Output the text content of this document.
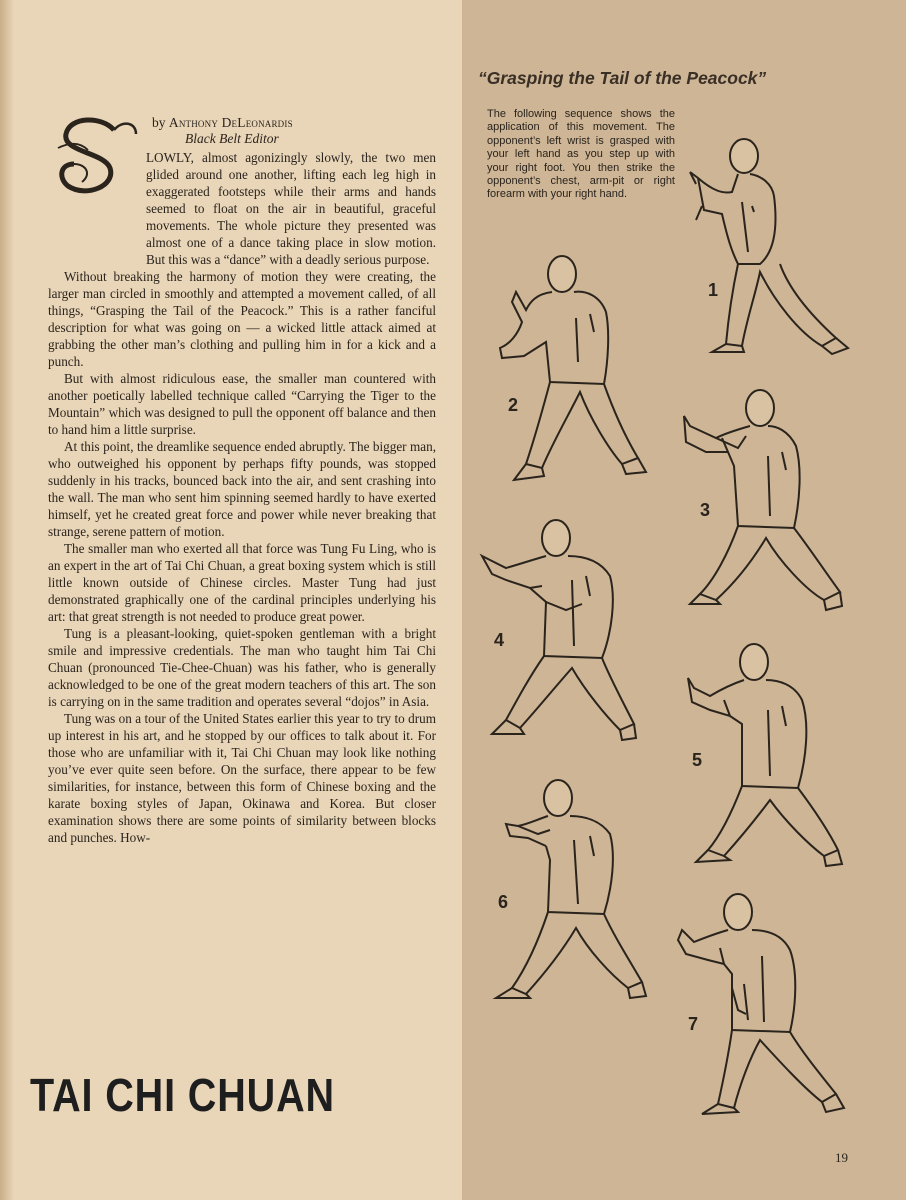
S
by Anthony DeLeonardis
Black Belt Editor

LOWLY, almost agonizingly slowly, the two men glided around one another, lifting each leg high in exaggerated footsteps while their arms and hands seemed to float on the air in beautiful, graceful movements. The whole picture they presented was almost one of a dance taking place in slow motion. But this was a “dance” with a deadly serious purpose.

Without breaking the harmony of motion they were creating, the larger man circled in smoothly and attempted a movement called, of all things, “Grasping the Tail of the Peacock.” This is a rather fanciful description for what was going on — a wicked little attack aimed at grabbing the other man’s clothing and pulling him in for a kick and a punch.

But with almost ridiculous ease, the smaller man countered with another poetically labelled technique called “Carrying the Tiger to the Mountain” which was designed to pull the opponent off balance and then to hand him a little surprise.

At this point, the dreamlike sequence ended abruptly. The bigger man, who outweighed his opponent by perhaps fifty pounds, was stopped suddenly in his tracks, bounced back into the air, and sent crashing into the wall. The man who sent him spinning seemed hardly to have exerted himself, yet he created great force and power while never breaking that strange, serene pattern of motion.

The smaller man who exerted all that force was Tung Fu Ling, who is an expert in the art of Tai Chi Chuan, a great boxing system which is still little known outside of Chinese circles. Master Tung had just demonstrated graphically one of the cardinal principles underlying his art: that great strength is not needed to produce great power.

Tung is a pleasant-looking, quiet-spoken gentleman with a bright smile and impressive credentials. The man who taught him Tai Chi Chuan (pronounced Tie-Chee-Chuan) was his father, who is generally acknowledged to be one of the great modern teachers of this art. The son is carrying on in the same tradition and operates several “dojos” in Asia.

Tung was on a tour of the United States earlier this year to try to drum up interest in his art, and he stopped by our offices to talk about it. For those who are unfamiliar with it, Tai Chi Chuan may look like nothing you’ve ever quite seen before. On the surface, there appear to be few similarities, for instance, between this form of Chinese boxing and the karate boxing styles of Japan, Okinawa and Korea. But closer examination shows there are some points of similarity between blocks and punches. How-

TAI CHI CHUAN
“Grasping the Tail of the Peacock”
The following sequence shows the application of this movement. The opponent’s left wrist is grasped with your left hand as you step up with your right foot. You then strike the opponent’s chest, arm-pit or right forearm with your right hand.
1
2
3
4
5
6
7
19
